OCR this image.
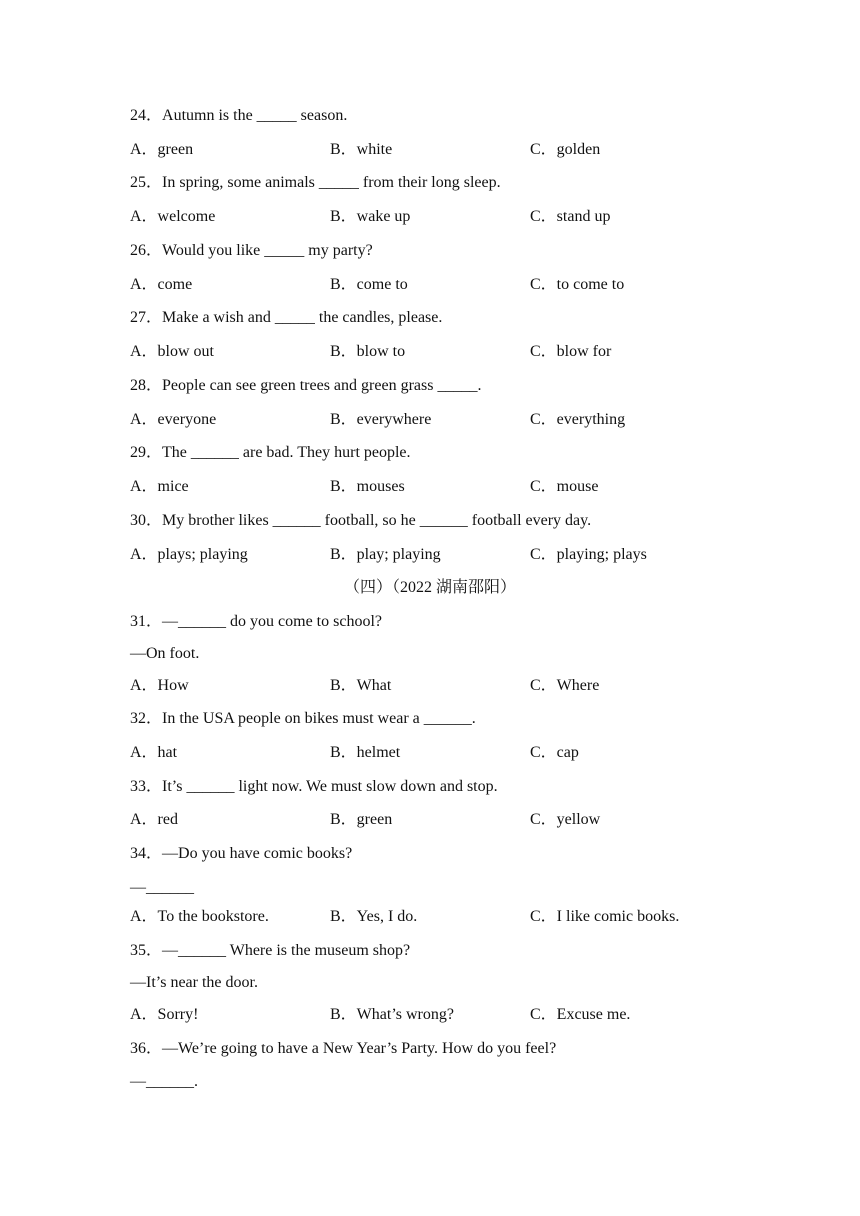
24．Autumn is the _____ season.
A．green	B．white	C．golden
25．In spring, some animals _____ from their long sleep.
A．welcome	B．wake up	C．stand up
26．Would you like _____ my party?
A．come	B．come to	C．to come to
27．Make a wish and _____ the candles, please.
A．blow out	B．blow to	C．blow for
28．People can see green trees and green grass _____.
A．everyone	B．everywhere	C．everything
29．The ______ are bad. They hurt people.
A．mice	B．mouses	C．mouse
30．My brother likes ______ football, so he ______ football every day.
A．plays; playing	B．play; playing	C．playing; plays
（四）（2022 湖南邵阳）
31．—______ do you come to school?
—On foot.
A．How	B．What	C．Where
32．In the USA people on bikes must wear a ______.
A．hat	B．helmet	C．cap
33．It’s ______ light now. We must slow down and stop.
A．red	B．green	C．yellow
34．—Do you have comic books?
—______
A．To the bookstore.	B．Yes, I do.	C．I like comic books.
35．—______ Where is the museum shop?
—It’s near the door.
A．Sorry!	B．What’s wrong?	C．Excuse me.
36．—We’re going to have a New Year’s Party. How do you feel?
—______.
